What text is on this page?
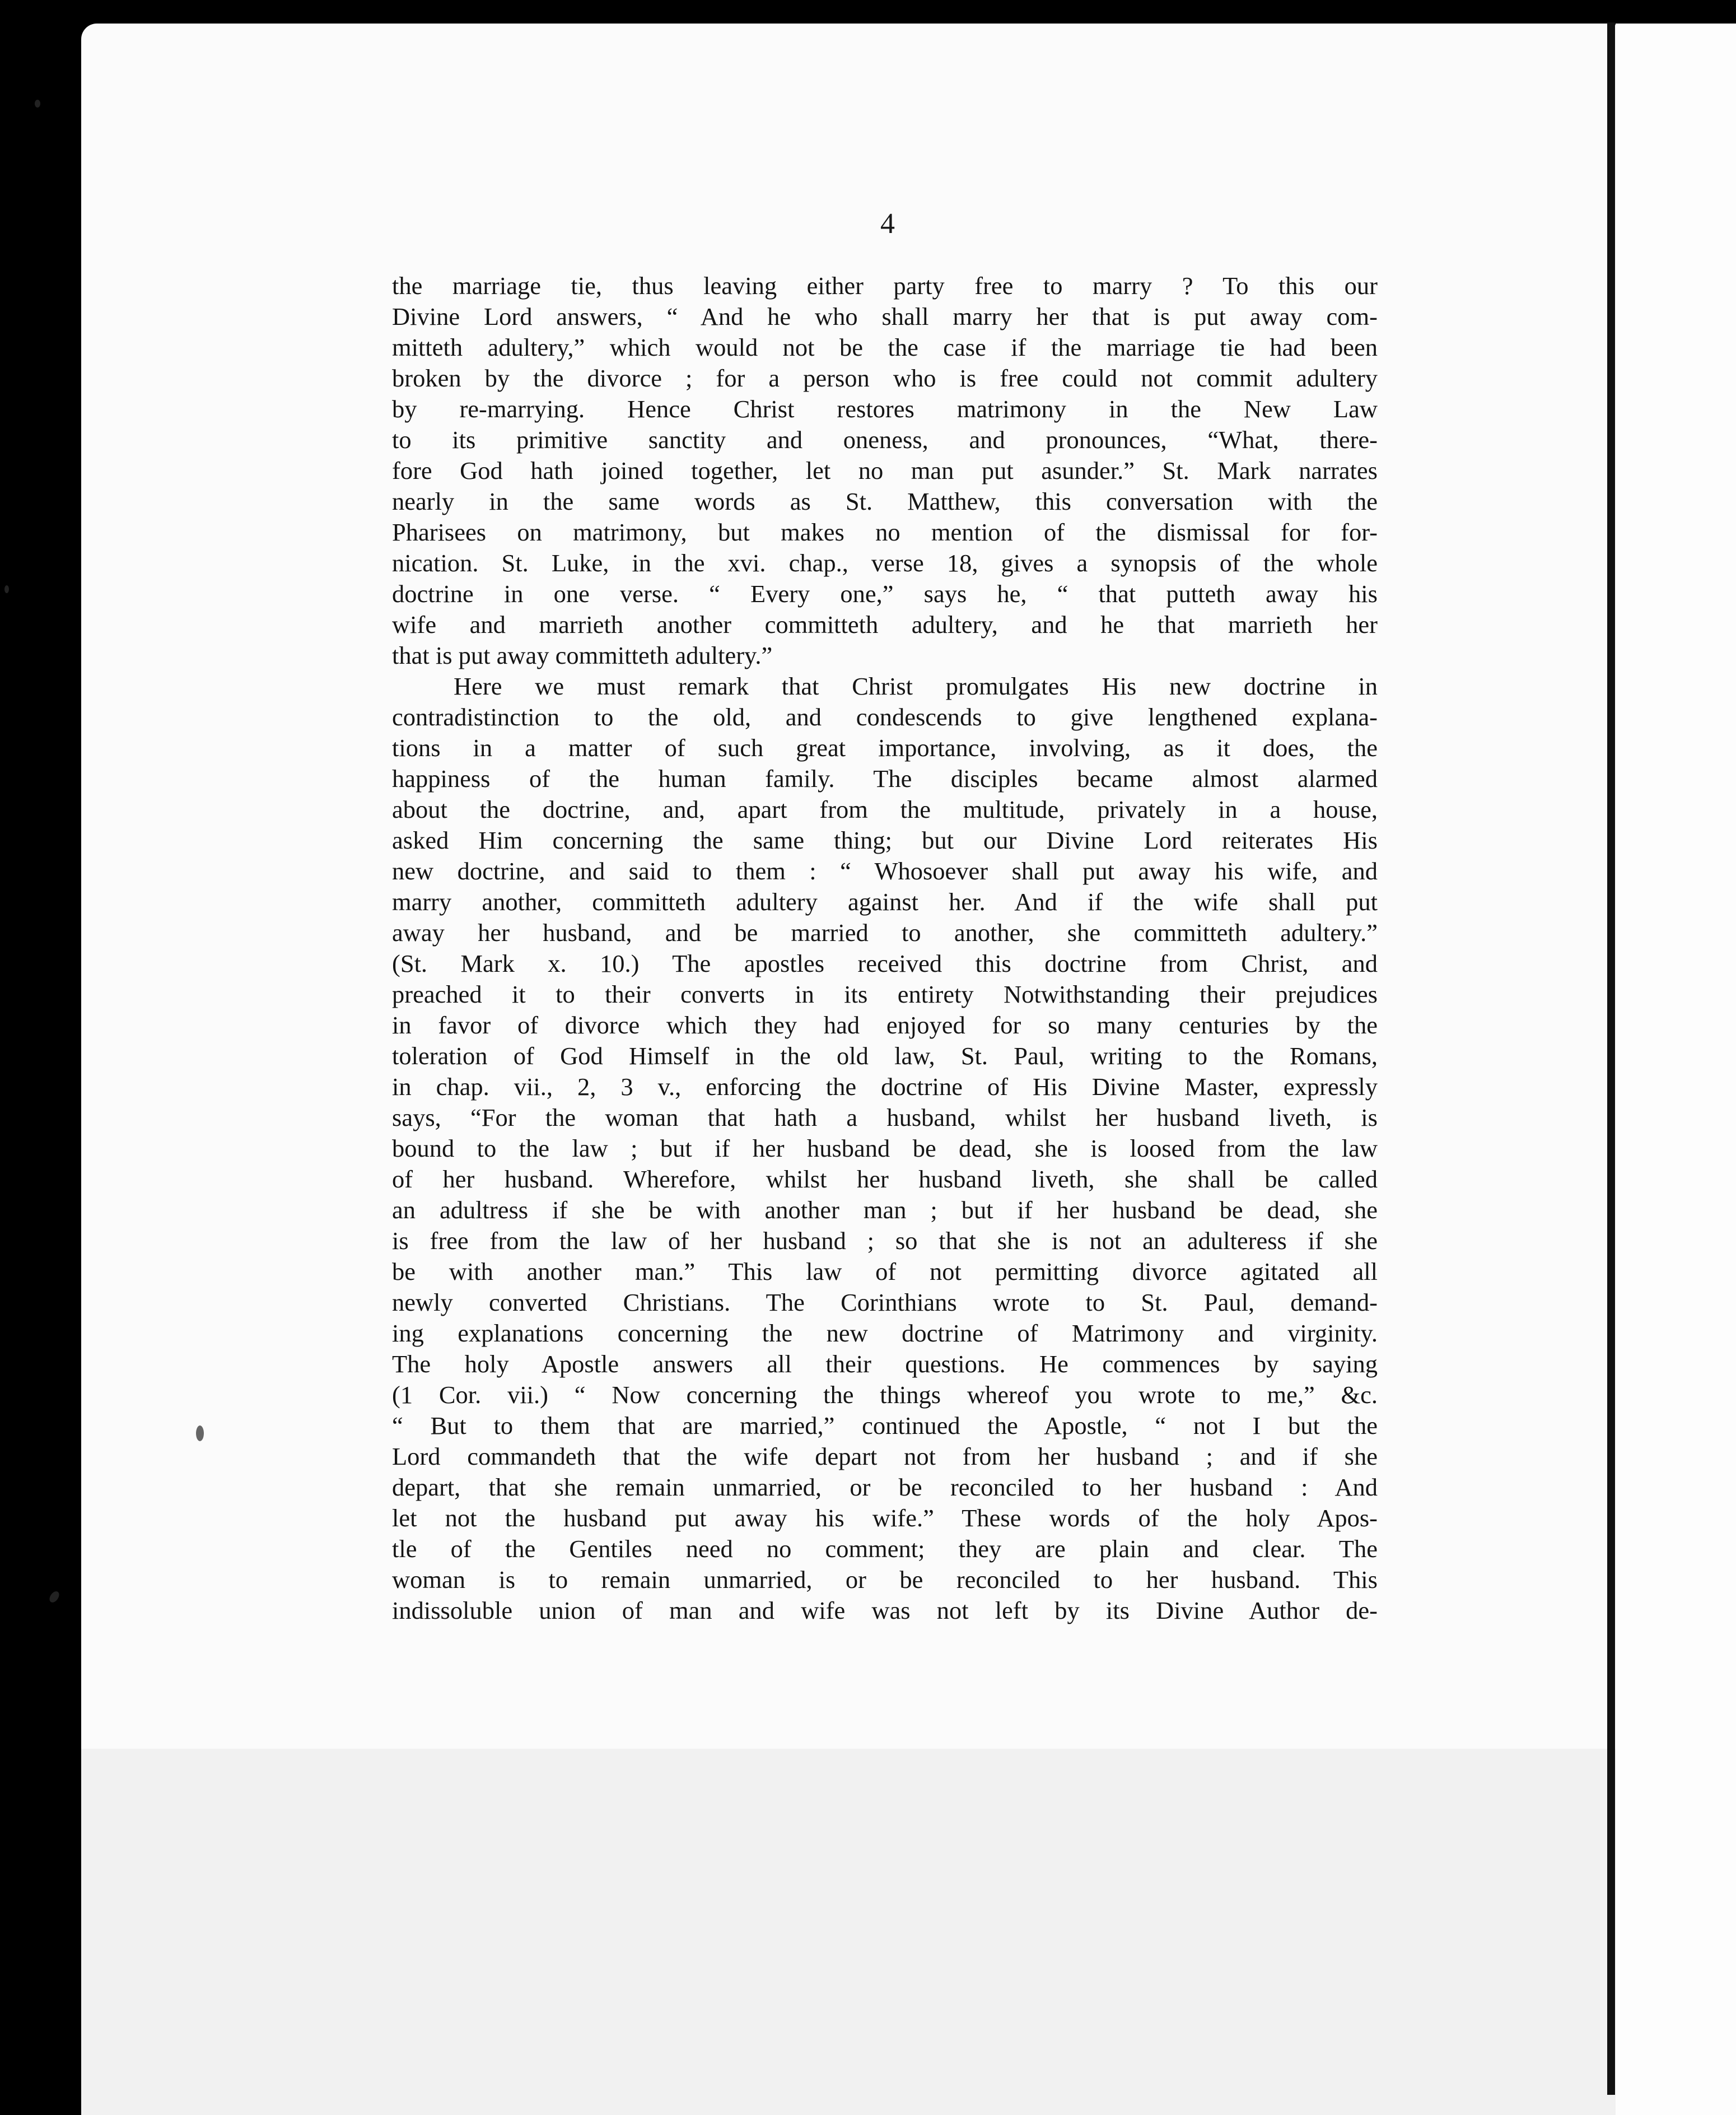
4
the marriage tie, thus leaving either party free to marry ? To this our
Divine Lord answers, “ And he who shall marry her that is put away com-
mitteth adultery,” which would not be the case if the marriage tie had been
broken by the divorce ; for a person who is free could not commit adultery
by re-marrying. Hence Christ restores matrimony in the New Law
to its primitive sanctity and oneness, and pronounces, “What, there-
fore God hath joined together, let no man put asunder.” St. Mark narrates
nearly in the same words as St. Matthew, this conversation with the
Pharisees on matrimony, but makes no mention of the dismissal for for-
nication. St. Luke, in the xvi. chap., verse 18, gives a synopsis of the whole
doctrine in one verse. “ Every one,” says he, “ that putteth away his
wife and marrieth another committeth adultery, and he that marrieth her
that is put away committeth adultery.”
Here we must remark that Christ promulgates His new doctrine in
contradistinction to the old, and condescends to give lengthened explana-
tions in a matter of such great importance, involving, as it does, the
happiness of the human family. The disciples became almost alarmed
about the doctrine, and, apart from the multitude, privately in a house,
asked Him concerning the same thing; but our Divine Lord reiterates His
new doctrine, and said to them : “ Whosoever shall put away his wife, and
marry another, committeth adultery against her. And if the wife shall put
away her husband, and be married to another, she committeth adultery.”
(St. Mark x. 10.) The apostles received this doctrine from Christ, and
preached it to their converts in its entirety Notwithstanding their prejudices
in favor of divorce which they had enjoyed for so many centuries by the
toleration of God Himself in the old law, St. Paul, writing to the Romans,
in chap. vii., 2, 3 v., enforcing the doctrine of His Divine Master, expressly
says, “For the woman that hath a husband, whilst her husband liveth, is
bound to the law ; but if her husband be dead, she is loosed from the law
of her husband. Wherefore, whilst her husband liveth, she shall be called
an adultress if she be with another man ; but if her husband be dead, she
is free from the law of her husband ; so that she is not an adulteress if she
be with another man.” This law of not permitting divorce agitated all
newly converted Christians. The Corinthians wrote to St. Paul, demand-
ing explanations concerning the new doctrine of Matrimony and virginity.
The holy Apostle answers all their questions. He commences by saying
(1 Cor. vii.) “ Now concerning the things whereof you wrote to me,” &c.
“ But to them that are married,” continued the Apostle, “ not I but the
Lord commandeth that the wife depart not from her husband ; and if she
depart, that she remain unmarried, or be reconciled to her husband : And
let not the husband put away his wife.” These words of the holy Apos-
tle of the Gentiles need no comment; they are plain and clear. The
woman is to remain unmarried, or be reconciled to her husband. This
indissoluble union of man and wife was not left by its Divine Author de-
